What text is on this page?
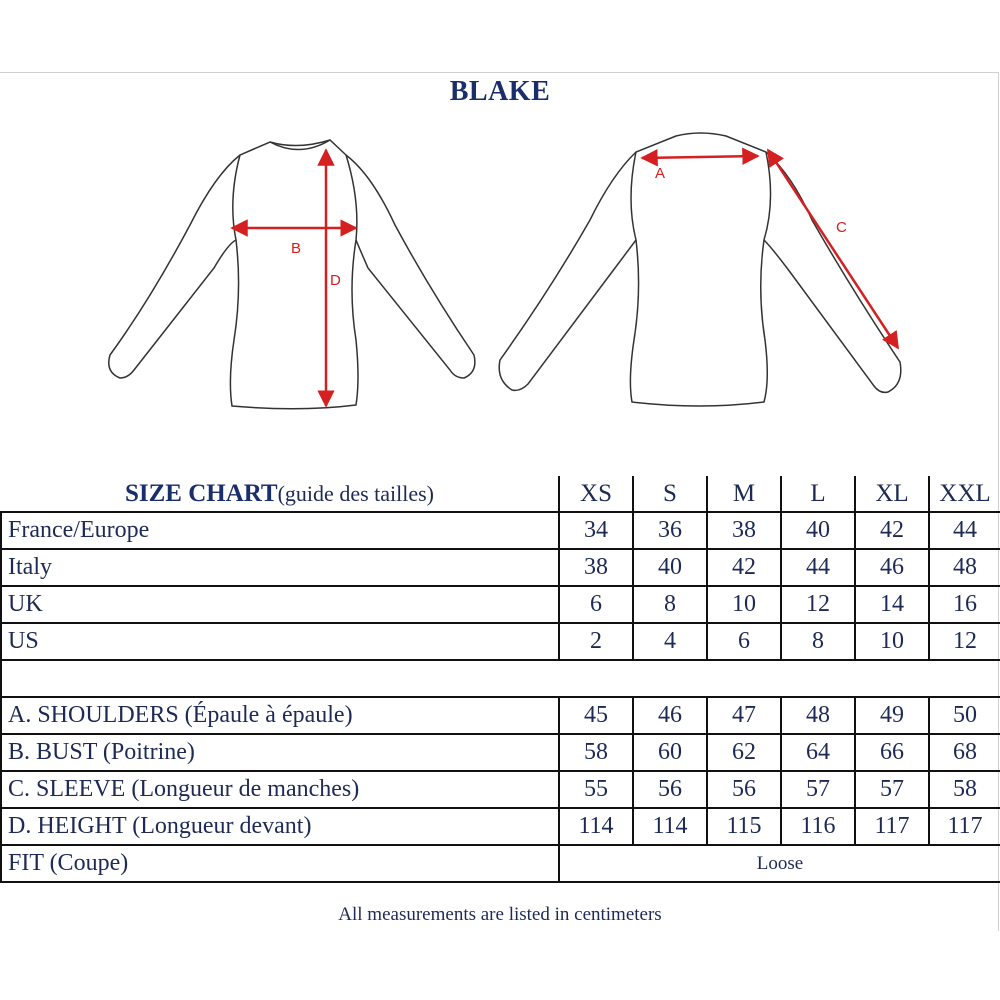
BLAKE
A
B
C
D
SIZE CHART(guide des tailles)	XS	S	M	L	XL	XXL
France/Europe	34	36	38	40	42	44
Italy	38	40	42	44	46	48
UK	6	8	10	12	14	16
US	2	4	6	8	10	12

A. SHOULDERS (Épaule à épaule)	45	46	47	48	49	50
B. BUST (Poitrine)	58	60	62	64	66	68
C. SLEEVE (Longueur de manches)	55	56	56	57	57	58
D. HEIGHT (Longueur devant)	114	114	115	116	117	117
FIT (Coupe)	Loose					
All measurements are listed in centimeters
